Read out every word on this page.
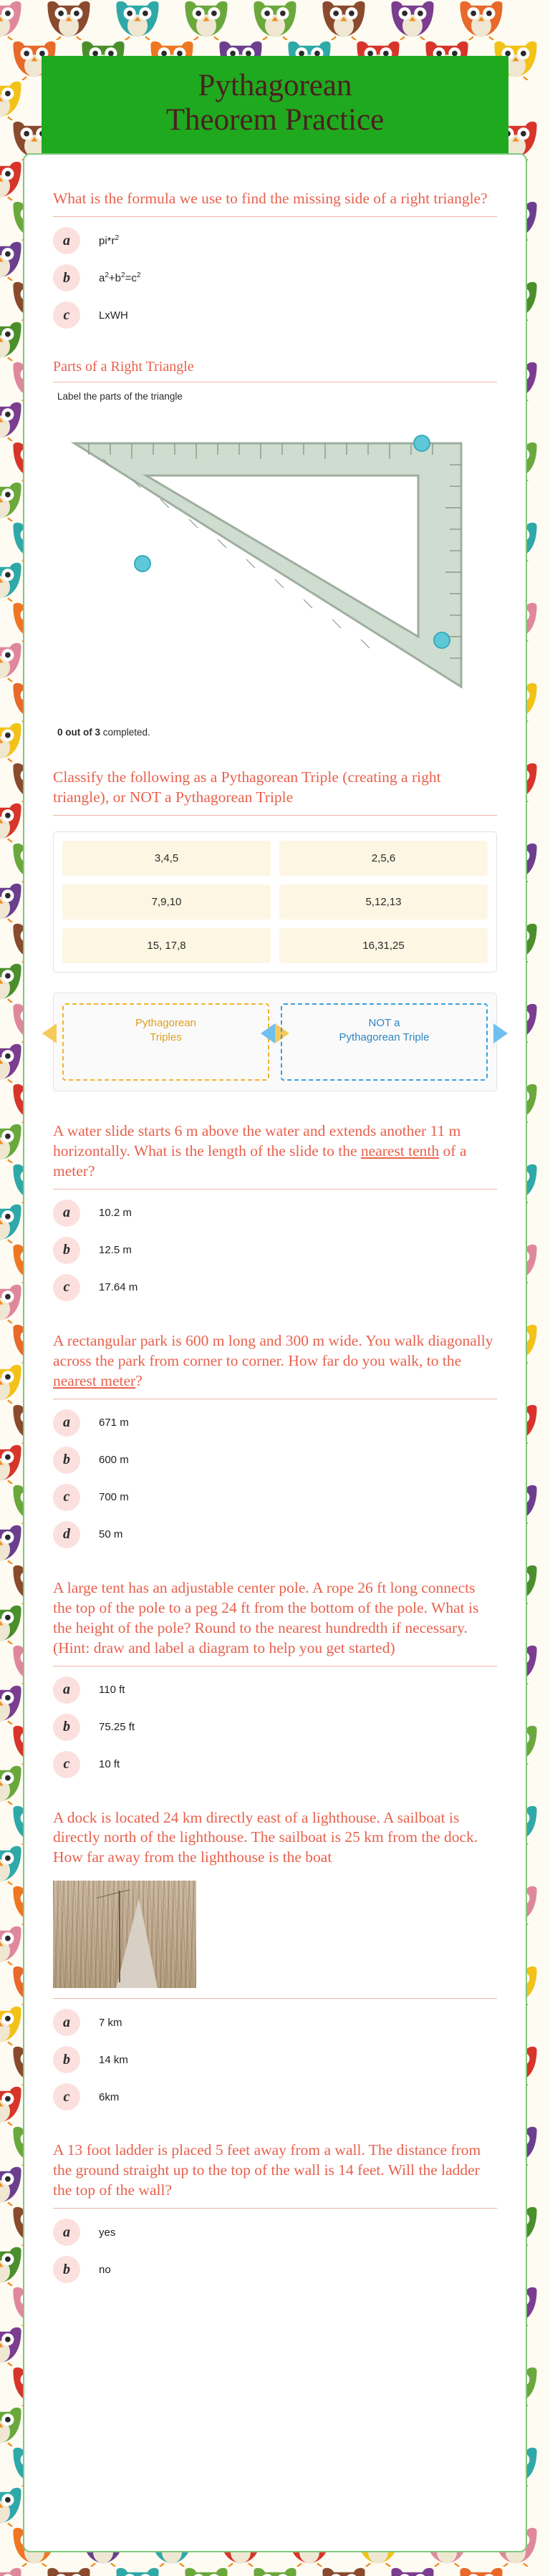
Pythagorean
Theorem Practice

What is the formula we use to find the missing side of a right triangle?

a	$pi*r^2$
b	$a^2+b^2=c^2$
c	LxWH

Parts of a Right Triangle

Label the parts of the triangle

0 out of 3 completed.

Classify the following as a Pythagorean Triple (creating a right triangle), or NOT a Pythagorean Triple

3,4,5	2,5,6
7,9,10	5,12,13
15, 17,8	16,31,25
Pythagorean Triples
NOT a Pythagorean Triple

A water slide starts 6 m above the water and extends another 11 m horizontally. What is the length of the slide to the nearest tenth of a meter?

a	10.2 m
b	12.5 m
c	17.64 m

A rectangular park is 600 m long and 300 m wide. You walk diagonally across the park from corner to corner. How far do you walk, to the nearest meter?

a	671 m
b	600 m
c	700 m
d	50 m

A large tent has an adjustable center pole. A rope 26 ft long connects the top of the pole to a peg 24 ft from the bottom of the pole. What is the height of the pole? Round to the nearest hundredth if necessary. (Hint: draw and label a diagram to help you get started)

a	110 ft
b	75.25 ft
c	10 ft

A dock is located 24 km directly east of a lighthouse. A sailboat is directly north of the lighthouse. The sailboat is 25 km from the dock. How far away from the lighthouse is the boat

a	7 km
b	14 km
c	6km

A 13 foot ladder is placed 5 feet away from a wall. The distance from the ground straight up to the top of the wall is 14 feet. Will the ladder the top of the wall?

a	yes
b	no
